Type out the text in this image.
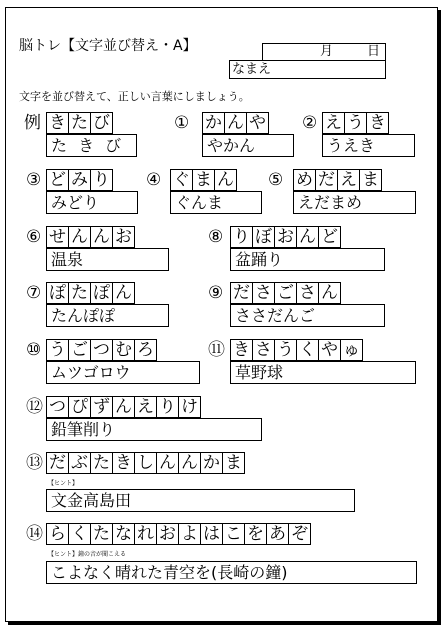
脳トレ【文字並び替え・A】	月	日
なまえ
文字を並び替えて、正しい言葉にしましょう。
例 き た び
た き び
① か ん や
やかん
② え う き
うえき
③ ど み り
みどり
④ ぐ ま ん
ぐんま
⑤ め だ え ま
えだまめ
⑥ せ ん ん お
温泉
⑧ り ぼ お ん ど
盆踊り
⑦ ぽ た ぽ ん
たんぽぽ
⑨ だ さ ご さ ん
ささだんご
⑩ う ご つ む ろ
ムツゴロウ
⑪ き さ う く や ゅ
草野球
⑫ つ ぴ ず ん え り け
鉛筆削り
⑬ だ ぶ た き し ん ん か ま
【ヒント】
文金高島田
⑭ ら く た な れ お よ は こ を あ ぞ
【ヒント】鐘の音が聞こえる
こよなく晴れた青空を(長崎の鐘)
